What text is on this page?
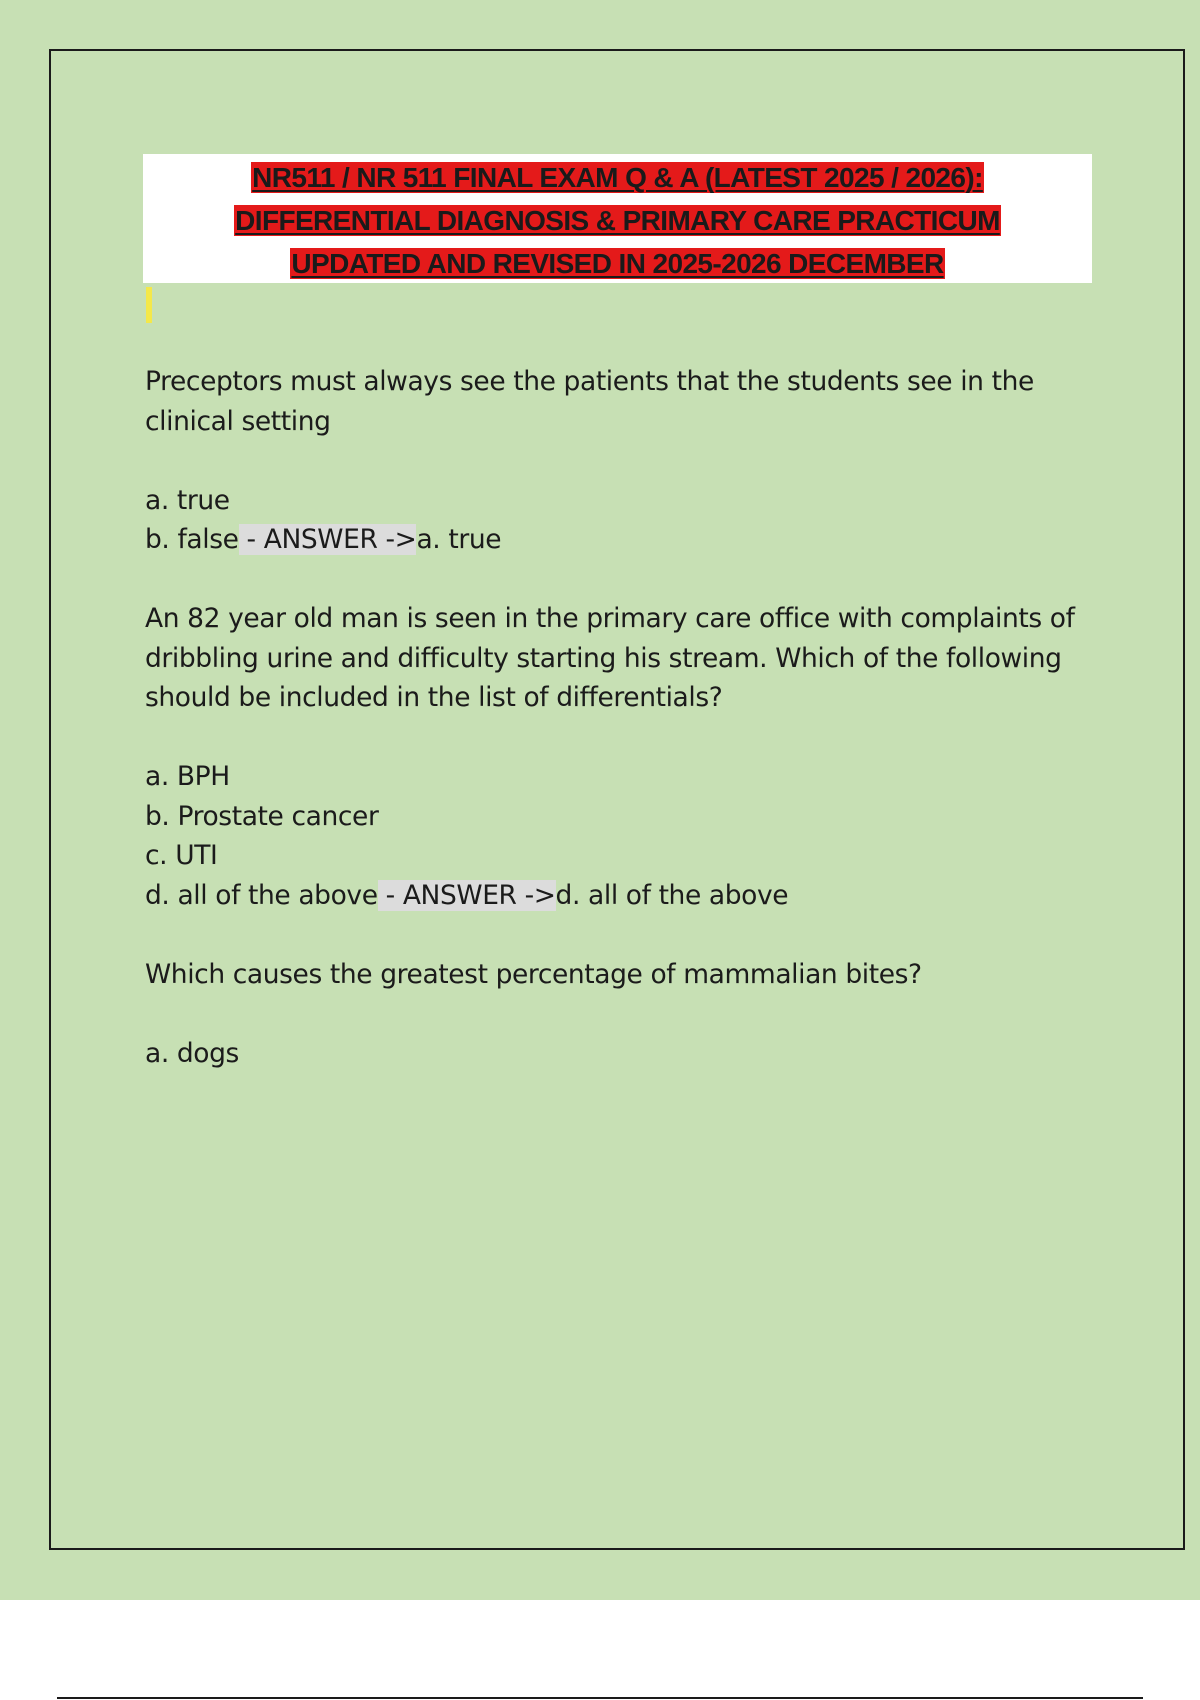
NR511 / NR 511 FINAL EXAM Q & A (LATEST 2025 / 2026):
DIFFERENTIAL DIAGNOSIS & PRIMARY CARE PRACTICUM
UPDATED AND REVISED IN 2025-2026 DECEMBER

Preceptors must always see the patients that the students see in the

clinical setting

a. true

b. false - ANSWER ->a. true

An 82 year old man is seen in the primary care office with complaints of

dribbling urine and difficulty starting his stream. Which of the following

should be included in the list of differentials?

a. BPH

b. Prostate cancer

c. UTI

d. all of the above - ANSWER ->d. all of the above

Which causes the greatest percentage of mammalian bites?

a. dogs
